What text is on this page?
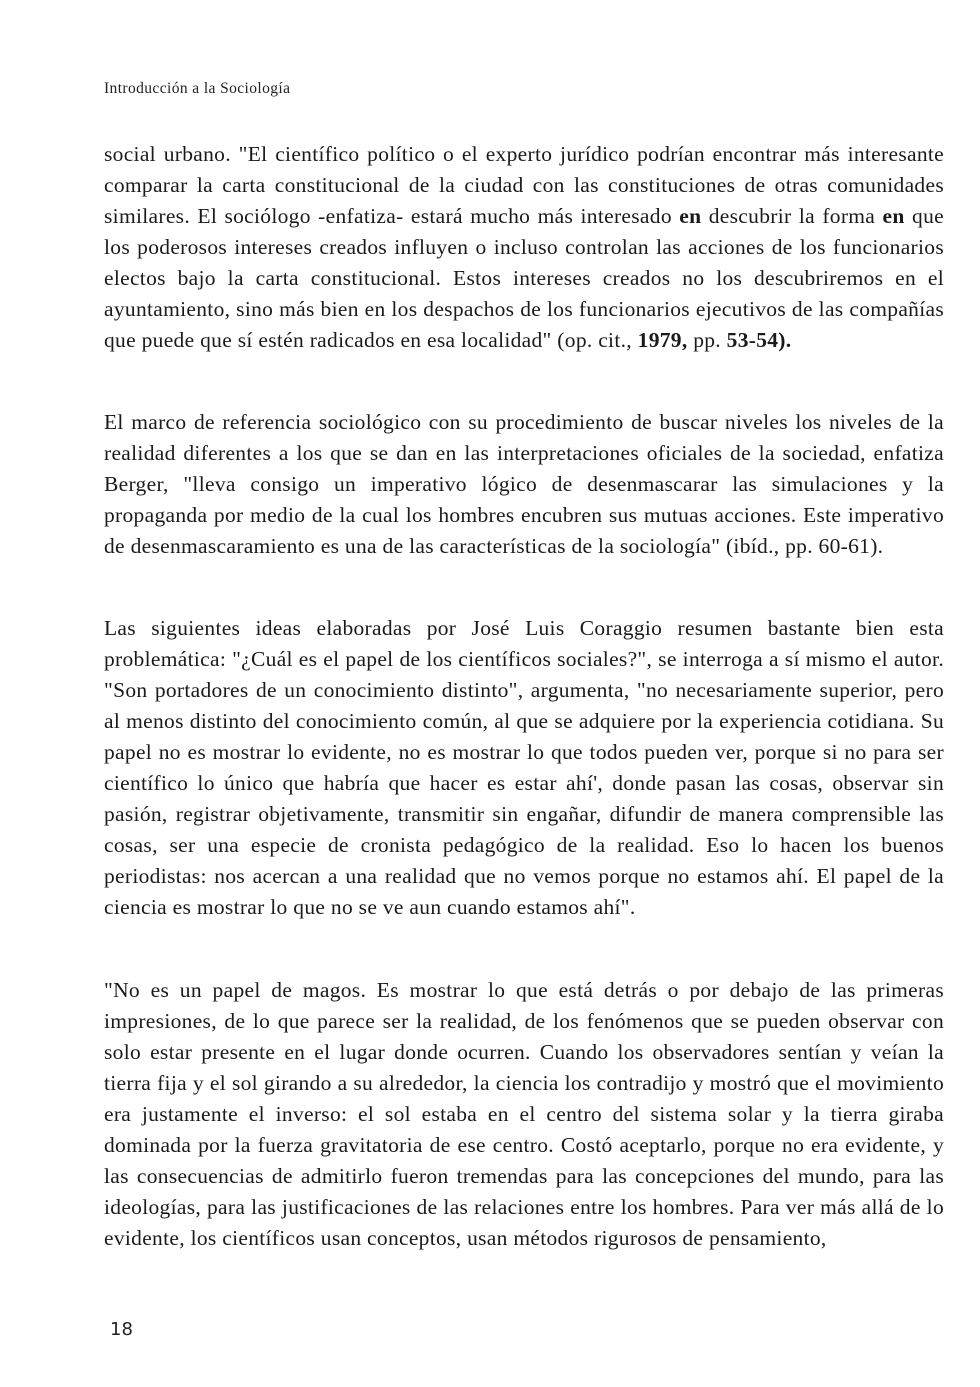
Introducción a la Sociología

social urbano. "El científico político o el experto jurídico podrían encontrar más interesante comparar la carta constitucional de la ciudad con las constituciones de otras comunidades similares. El sociólogo -enfatiza- estará mucho más interesado en descubrir la forma en que los poderosos intereses creados influyen o incluso controlan las acciones de los funcionarios electos bajo la carta constitucional. Estos intereses creados no los descubriremos en el ayuntamiento, sino más bien en los despachos de los funcionarios ejecutivos de las compañías que puede que sí estén radicados en esa localidad" (op. cit., 1979, pp. 53-54).

El marco de referencia sociológico con su procedimiento de buscar niveles los niveles de la realidad diferentes a los que se dan en las interpretaciones oficiales de la sociedad, enfatiza Berger, "lleva consigo un imperativo lógico de desenmascarar las simulaciones y la propaganda por medio de la cual los hombres encubren sus mutuas acciones. Este imperativo de desenmascaramiento es una de las características de la sociología" (ibíd., pp. 60-61).

Las siguientes ideas elaboradas por José Luis Coraggio resumen bastante bien esta problemática: "¿Cuál es el papel de los científicos sociales?", se interroga a sí mismo el autor. "Son portadores de un conocimiento distinto", argumenta, "no necesariamente superior, pero al menos distinto del conocimiento común, al que se adquiere por la experiencia cotidiana. Su papel no es mostrar lo evidente, no es mostrar lo que todos pueden ver, porque si no para ser científico lo único que habría que hacer es estar ahí', donde pasan las cosas, observar sin pasión, registrar objetivamente, transmitir sin engañar, difundir de manera comprensible las cosas, ser una especie de cronista pedagógico de la realidad. Eso lo hacen los buenos periodistas: nos acercan a una realidad que no vemos porque no estamos ahí. El papel de la ciencia es mostrar lo que no se ve aun cuando estamos ahí".

"No es un papel de magos. Es mostrar lo que está detrás o por debajo de las primeras impresiones, de lo que parece ser la realidad, de los fenómenos que se pueden observar con solo estar presente en el lugar donde ocurren. Cuando los observadores sentían y veían la tierra fija y el sol girando a su alrededor, la ciencia los contradijo y mostró que el movimiento era justamente el inverso: el sol estaba en el centro del sistema solar y la tierra giraba dominada por la fuerza gravitatoria de ese centro. Costó aceptarlo, porque no era evidente, y las consecuencias de admitirlo fueron tremendas para las concepciones del mundo, para las ideologías, para las justificaciones de las relaciones entre los hombres. Para ver más allá de lo evidente, los científicos usan conceptos, usan métodos rigurosos de pensamiento,

18
